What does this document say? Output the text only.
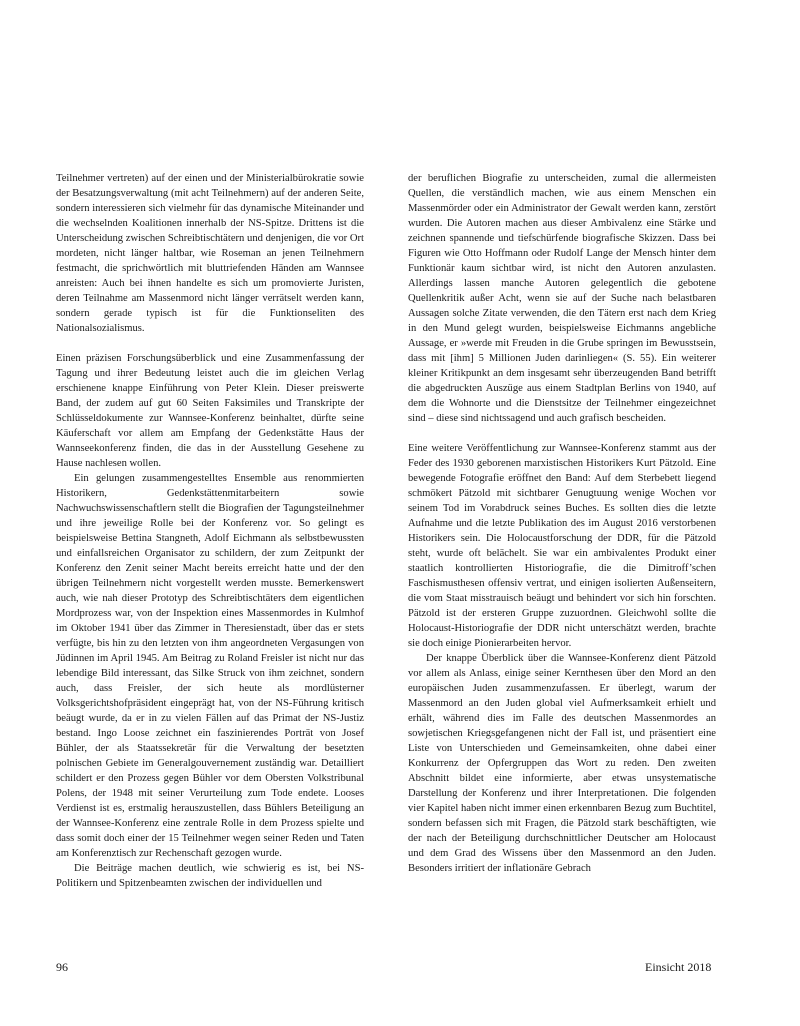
Teilnehmer vertreten) auf der einen und der Ministerialbürokratie sowie der Besatzungsverwaltung (mit acht Teilnehmern) auf der anderen Seite, sondern interessieren sich vielmehr für das dynamische Miteinander und die wechselnden Koalitionen innerhalb der NS-Spitze. Drittens ist die Unterscheidung zwischen Schreibtischtätern und denjenigen, die vor Ort mordeten, nicht länger haltbar, wie Roseman an jenen Teilnehmern festmacht, die sprichwörtlich mit bluttriefenden Händen am Wannsee anreisten: Auch bei ihnen handelte es sich um promovierte Juristen, deren Teilnahme am Massenmord nicht länger verrätselt werden kann, sondern gerade typisch ist für die Funktionseliten des Nationalsozialismus.

Einen präzisen Forschungsüberblick und eine Zusammenfassung der Tagung und ihrer Bedeutung leistet auch die im gleichen Verlag erschienene knappe Einführung von Peter Klein. Dieser preiswerte Band, der zudem auf gut 60 Seiten Faksimiles und Transkripte der Schlüsseldokumente zur Wannsee-Konferenz beinhaltet, dürfte seine Käuferschaft vor allem am Empfang der Gedenkstätte Haus der Wannseekonferenz finden, die das in der Ausstellung Gesehene zu Hause nachlesen wollen.

Ein gelungen zusammengestelltes Ensemble aus renommierten Historikern, Gedenkstättenmitarbeitern sowie Nachwuchswissenschaftlern stellt die Biografien der Tagungsteilnehmer und ihre jeweilige Rolle bei der Konferenz vor. So gelingt es beispielsweise Bettina Stangneth, Adolf Eichmann als selbstbewussten und einfallsreichen Organisator zu schildern, der zum Zeitpunkt der Konferenz den Zenit seiner Macht bereits erreicht hatte und der den übrigen Teilnehmern nicht vorgestellt werden musste. Bemerkenswert auch, wie nah dieser Prototyp des Schreibtischtäters dem eigentlichen Mordprozess war, von der Inspektion eines Massenmordes in Kulmhof im Oktober 1941 über das Zimmer in Theresienstadt, über das er stets verfügte, bis hin zu den letzten von ihm angeordneten Vergasungen von Jüdinnen im April 1945. Am Beitrag zu Roland Freisler ist nicht nur das lebendige Bild interessant, das Silke Struck von ihm zeichnet, sondern auch, dass Freisler, der sich heute als mordlüsterner Volksgerichtshofpräsident eingeprägt hat, von der NS-Führung kritisch beäugt wurde, da er in zu vielen Fällen auf das Primat der NS-Justiz bestand. Ingo Loose zeichnet ein faszinierendes Porträt von Josef Bühler, der als Staatssekretär für die Verwaltung der besetzten polnischen Gebiete im Generalgouvernement zuständig war. Detailliert schildert er den Prozess gegen Bühler vor dem Obersten Volkstribunal Polens, der 1948 mit seiner Verurteilung zum Tode endete. Looses Verdienst ist es, erstmalig herauszustellen, dass Bühlers Beteiligung an der Wannsee-Konferenz eine zentrale Rolle in dem Prozess spielte und dass somit doch einer der 15 Teilnehmer wegen seiner Reden und Taten am Konferenztisch zur Rechenschaft gezogen wurde.

Die Beiträge machen deutlich, wie schwierig es ist, bei NS-Politikern und Spitzenbeamten zwischen der individuellen und

der beruflichen Biografie zu unterscheiden, zumal die allermeisten Quellen, die verständlich machen, wie aus einem Menschen ein Massenmörder oder ein Administrator der Gewalt werden kann, zerstört wurden. Die Autoren machen aus dieser Ambivalenz eine Stärke und zeichnen spannende und tiefschürfende biografische Skizzen. Dass bei Figuren wie Otto Hoffmann oder Rudolf Lange der Mensch hinter dem Funktionär kaum sichtbar wird, ist nicht den Autoren anzulasten. Allerdings lassen manche Autoren gelegentlich die gebotene Quellenkritik außer Acht, wenn sie auf der Suche nach belastbaren Aussagen solche Zitate verwenden, die den Tätern erst nach dem Krieg in den Mund gelegt wurden, beispielsweise Eichmanns angebliche Aussage, er »werde mit Freuden in die Grube springen im Bewusstsein, dass mit [ihm] 5 Millionen Juden darinliegen« (S. 55). Ein weiterer kleiner Kritikpunkt an dem insgesamt sehr überzeugenden Band betrifft die abgedruckten Auszüge aus einem Stadtplan Berlins von 1940, auf dem die Wohnorte und die Dienstsitze der Teilnehmer eingezeichnet sind – diese sind nichtssagend und auch grafisch bescheiden.

Eine weitere Veröffentlichung zur Wannsee-Konferenz stammt aus der Feder des 1930 geborenen marxistischen Historikers Kurt Pätzold. Eine bewegende Fotografie eröffnet den Band: Auf dem Sterbebett liegend schmökert Pätzold mit sichtbarer Genugtuung wenige Wochen vor seinem Tod im Vorabdruck seines Buches. Es sollten dies die letzte Aufnahme und die letzte Publikation des im August 2016 verstorbenen Historikers sein. Die Holocaustforschung der DDR, für die Pätzold steht, wurde oft belächelt. Sie war ein ambivalentes Produkt einer staatlich kontrollierten Historiografie, die die Dimitroff’schen Faschismusthesen offensiv vertrat, und einigen isolierten Außenseitern, die vom Staat misstrauisch beäugt und behindert vor sich hin forschten. Pätzold ist der ersteren Gruppe zuzuordnen. Gleichwohl sollte die Holocaust-Historiografie der DDR nicht unterschätzt werden, brachte sie doch einige Pionierarbeiten hervor.

Der knappe Überblick über die Wannsee-Konferenz dient Pätzold vor allem als Anlass, einige seiner Kernthesen über den Mord an den europäischen Juden zusammenzufassen. Er überlegt, warum der Massenmord an den Juden global viel Aufmerksamkeit erhielt und erhält, während dies im Falle des deutschen Massenmordes an sowjetischen Kriegsgefangenen nicht der Fall ist, und präsentiert eine Liste von Unterschieden und Gemeinsamkeiten, ohne dabei einer Konkurrenz der Opfergruppen das Wort zu reden. Den zweiten Abschnitt bildet eine informierte, aber etwas unsystematische Darstellung der Konferenz und ihrer Interpretationen. Die folgenden vier Kapitel haben nicht immer einen erkennbaren Bezug zum Buchtitel, sondern befassen sich mit Fragen, die Pätzold stark beschäftigten, wie der nach der Beteiligung durchschnittlicher Deutscher am Holocaust und dem Grad des Wissens über den Massenmord an den Juden. Besonders irritiert der inflationäre Gebrach

96	Einsicht 2018
